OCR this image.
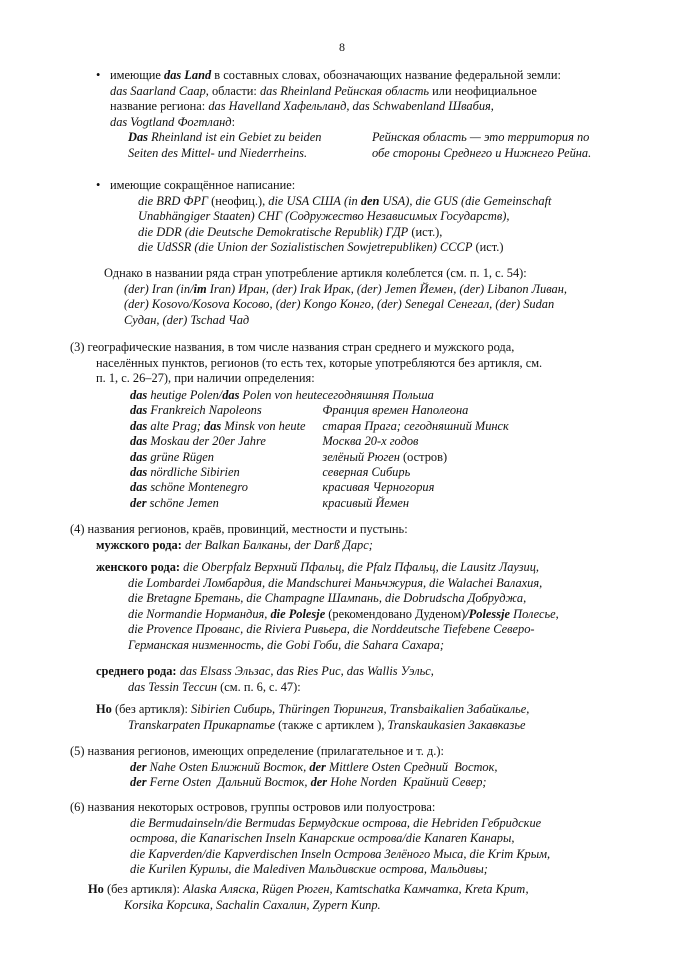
8
• имеющие das Land в составных словах, обозначающих название федеральной земли:
das Saarland Саар, области: das Rheinland Рейнская область или неофициальное
название региона: das Havelland Хафельланд, das Schwabenland Швабия,
das Vogtland Фогтланд:
Das Rheinland ist ein Gebiet zu beiden
Seiten des Mittel- und Niederrheins.
Рейнская область — это территория по
обе стороны Среднего и Нижнего Рейна.
• имеющие сокращённое написание:
die BRD ФРГ (неофиц.), die USA США (in den USA), die GUS (die Gemeinschaft
Unabhängiger Staaten) СНГ (Содружество Независимых Государств),
die DDR (die Deutsche Demokratische Republik) ГДР (ист.),
die UdSSR (die Union der Sozialistischen Sowjetrepubliken) СССР (ист.)
Однако в названии ряда стран употребление артикля колеблется (см. п. 1, с. 54):
(der) Iran (in/im Iran) Иран, (der) Irak Ирак, (der) Jemen Йемен, (der) Libanon Ливан,
(der) Kosovo/Kosova Косово, (der) Kongo Конго, (der) Senegal Сенегал, (der) Sudan
Судан, (der) Tschad Чад
(3) географические названия, в том числе названия стран среднего и мужского рода,
населённых пунктов, регионов (то есть тех, которые употребляются без артикля, см.
п. 1, с. 26–27), при наличии определения:
das heutige Polen/das Polen von heute	сегодняшняя Польша
das Frankreich Napoleons	Франция времен Наполеона
das alte Prag; das Minsk von heute	старая Прага; сегодняшний Минск
das Moskau der 20er Jahre	Москва 20-х годов
das grüne Rügen	зелёный Рюген (остров)
das nördliche Sibirien	северная Сибирь
das schöne Montenegro	красивая Черногория
der schöne Jemen	красивый Йемен
(4) названия регионов, краёв, провинций, местности и пустынь:
мужского рода: der Balkan Балканы, der Darß Дарс;
женского рода: die Oberpfalz Верхний Пфальц, die Pfalz Пфальц, die Lausitz Лаузиц,
die Lombardei Ломбардия, die Mandschurei Маньчжурия, die Walachei Валахия,
die Bretagne Бретань, die Champagne Шампань, die Dobrudscha Добруджа,
die Normandie Нормандия, die Polesje (рекомендовано Дуденом)/Polessje Полесье,
die Provence Прованс, die Riviera Ривьера, die Norddeutsche Tiefebene Северо-
Германская низменность, die Gobi Гоби, die Sahara Сахара;
среднего рода: das Elsass Эльзас, das Ries Рис, das Wallis Уэльс,
das Tessin Тессин (см. п. 6, с. 47):
Но (без артикля): Sibirien Сибирь, Thüringen Тюрингия, Transbaikalien Забайкалье,
Transkarpaten Прикарпатье (также с артиклем ), Transkaukasien Закавказье
(5) названия регионов, имеющих определение (прилагательное и т. д.):
der Nahe Osten Ближний Восток, der Mittlere Osten Средний  Восток,
der Ferne Osten  Дальний Восток, der Hohe Norden  Крайний Север;
(6) названия некоторых островов, группы островов или полуострова:
die Bermudainseln/die Bermudas Бермудские острова, die Hebriden Гебридские
острова, die Kanarischen Inseln Канарские острова/die Kanaren Канары,
die Kapverden/die Kapverdischen Inseln Острова Зелёного Мыса, die Krim Крым,
die Kurilen Курилы, die Malediven Мальдивские острова, Мальдивы;
Но (без артикля): Alaska Аляска, Rügen Рюген, Kamtschatka Камчатка, Kreta Крит,
Korsika Корсика, Sachalin Сахалин, Zypern Кипр.
